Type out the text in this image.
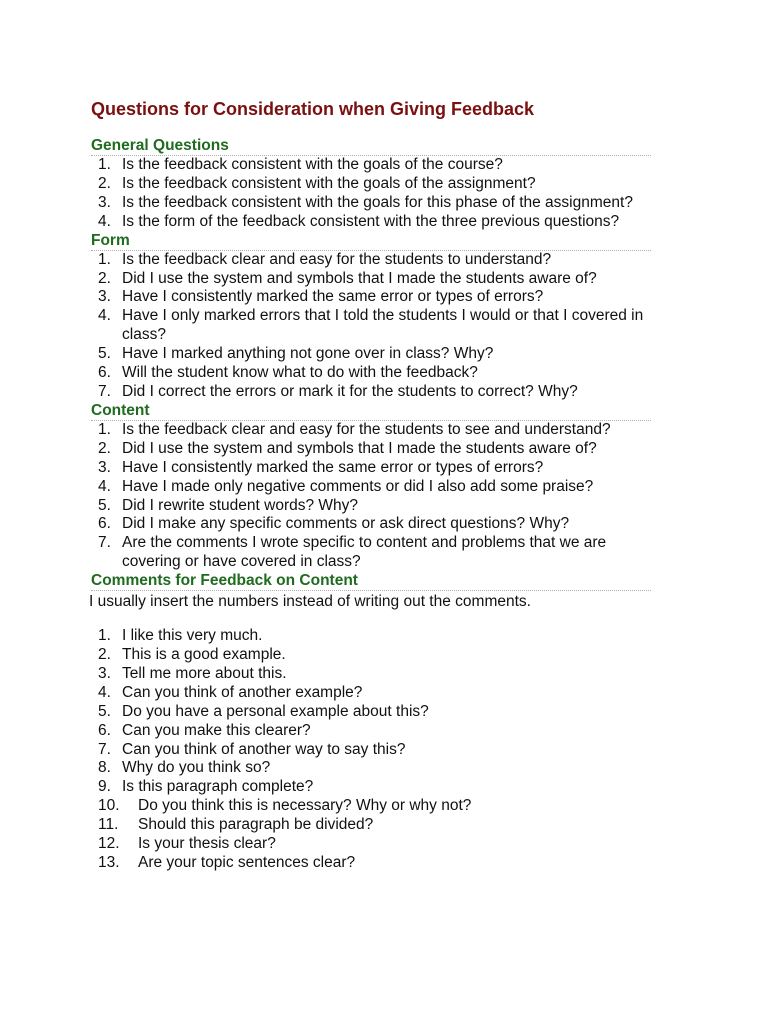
Questions for Consideration when Giving Feedback
General Questions
1. Is the feedback consistent with the goals of the course?
2. Is the feedback consistent with the goals of the assignment?
3. Is the feedback consistent with the goals for this phase of the assignment?
4. Is the form of the feedback consistent with the three previous questions?
Form
1. Is the feedback clear and easy for the students to understand?
2. Did I use the system and symbols that I made the students aware of?
3. Have I consistently marked the same error or types of errors?
4. Have I only marked errors that I told the students I would or that I covered in class?
5. Have I marked anything not gone over in class? Why?
6. Will the student know what to do with the feedback?
7. Did I correct the errors or mark it for the students to correct? Why?
Content
1. Is the feedback clear and easy for the students to see and understand?
2. Did I use the system and symbols that I made the students aware of?
3. Have I consistently marked the same error or types of errors?
4. Have I made only negative comments or did I also add some praise?
5. Did I rewrite student words? Why?
6. Did I make any specific comments or ask direct questions? Why?
7. Are the comments I wrote specific to content and problems that we are covering or have covered in class?
Comments for Feedback on Content

I usually insert the numbers instead of writing out the comments.

1. I like this very much.
2. This is a good example.
3. Tell me more about this.
4. Can you think of another example?
5. Do you have a personal example about this?
6. Can you make this clearer?
7. Can you think of another way to say this?
8. Why do you think so?
9. Is this paragraph complete?
10. Do you think this is necessary? Why or why not?
11. Should this paragraph be divided?
12. Is your thesis clear?
13. Are your topic sentences clear?
